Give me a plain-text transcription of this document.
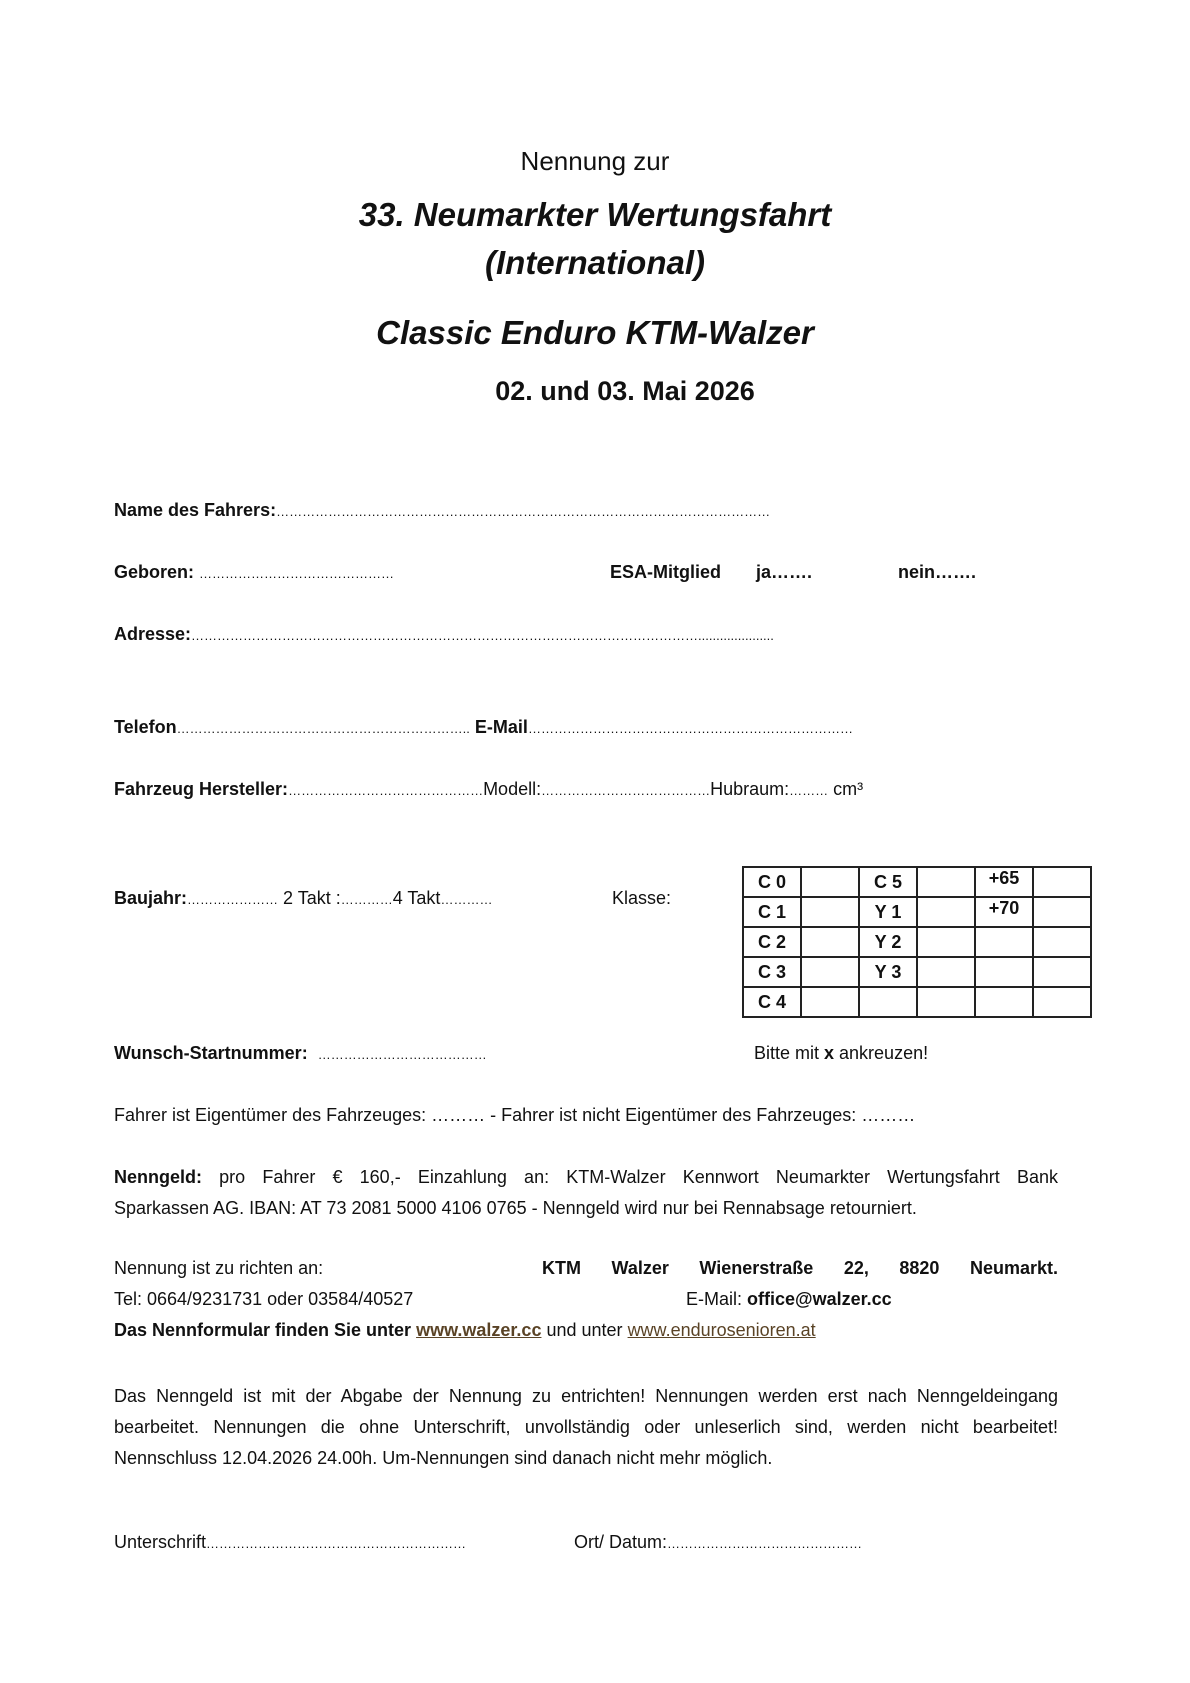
Nennung zur
33. Neumarkter Wertungsfahrt
(International)
Classic Enduro KTM-Walzer
02. und 03. Mai 2026
Name des Fahrers:……………………………………………………………………………………………………
Geboren: ………………………………………	ESA-Mitglied ja…….	nein…….
Adresse:……………………………………………………………………………………………………….....................
Telefon………………………………………………………….. E-Mail…………………………………………………………………
Fahrzeug Hersteller:………………………………………Modell:…………………………………Hubraum:……… cm³
Baujahr:………………… 2 Takt :…………4 Takt…………	Klasse:
C 0		C 5		+65	
C 1		Y 1		+70	
C 2		Y 2			
C 3		Y 3			
C 4					
Wunsch-Startnummer: …………………………………	Bitte mit x ankreuzen!
Fahrer ist Eigentümer des Fahrzeuges: ……… - Fahrer ist nicht Eigentümer des Fahrzeuges: ………
Nenngeld: pro Fahrer € 160,- Einzahlung an: KTM-Walzer Kennwort Neumarkter Wertungsfahrt Bank
Sparkassen AG. IBAN: AT 73 2081 5000 4106 0765 - Nenngeld wird nur bei Rennabsage retourniert.
Nennung ist zu richten an:	KTM Walzer Wienerstraße 22, 8820 Neumarkt.
Tel: 0664/9231731 oder 03584/40527	E-Mail: office@walzer.cc
Das Nennformular finden Sie unter www.walzer.cc und unter www.endurosenioren.at
Das Nenngeld ist mit der Abgabe der Nennung zu entrichten! Nennungen werden erst nach Nenngeldeingang bearbeitet. Nennungen die ohne Unterschrift, unvollständig oder unleserlich sind, werden nicht bearbeitet! Nennschluss 12.04.2026 24.00h. Um-Nennungen sind danach nicht mehr möglich.
Unterschrift……………………………………………………	Ort/ Datum:………………………………………
